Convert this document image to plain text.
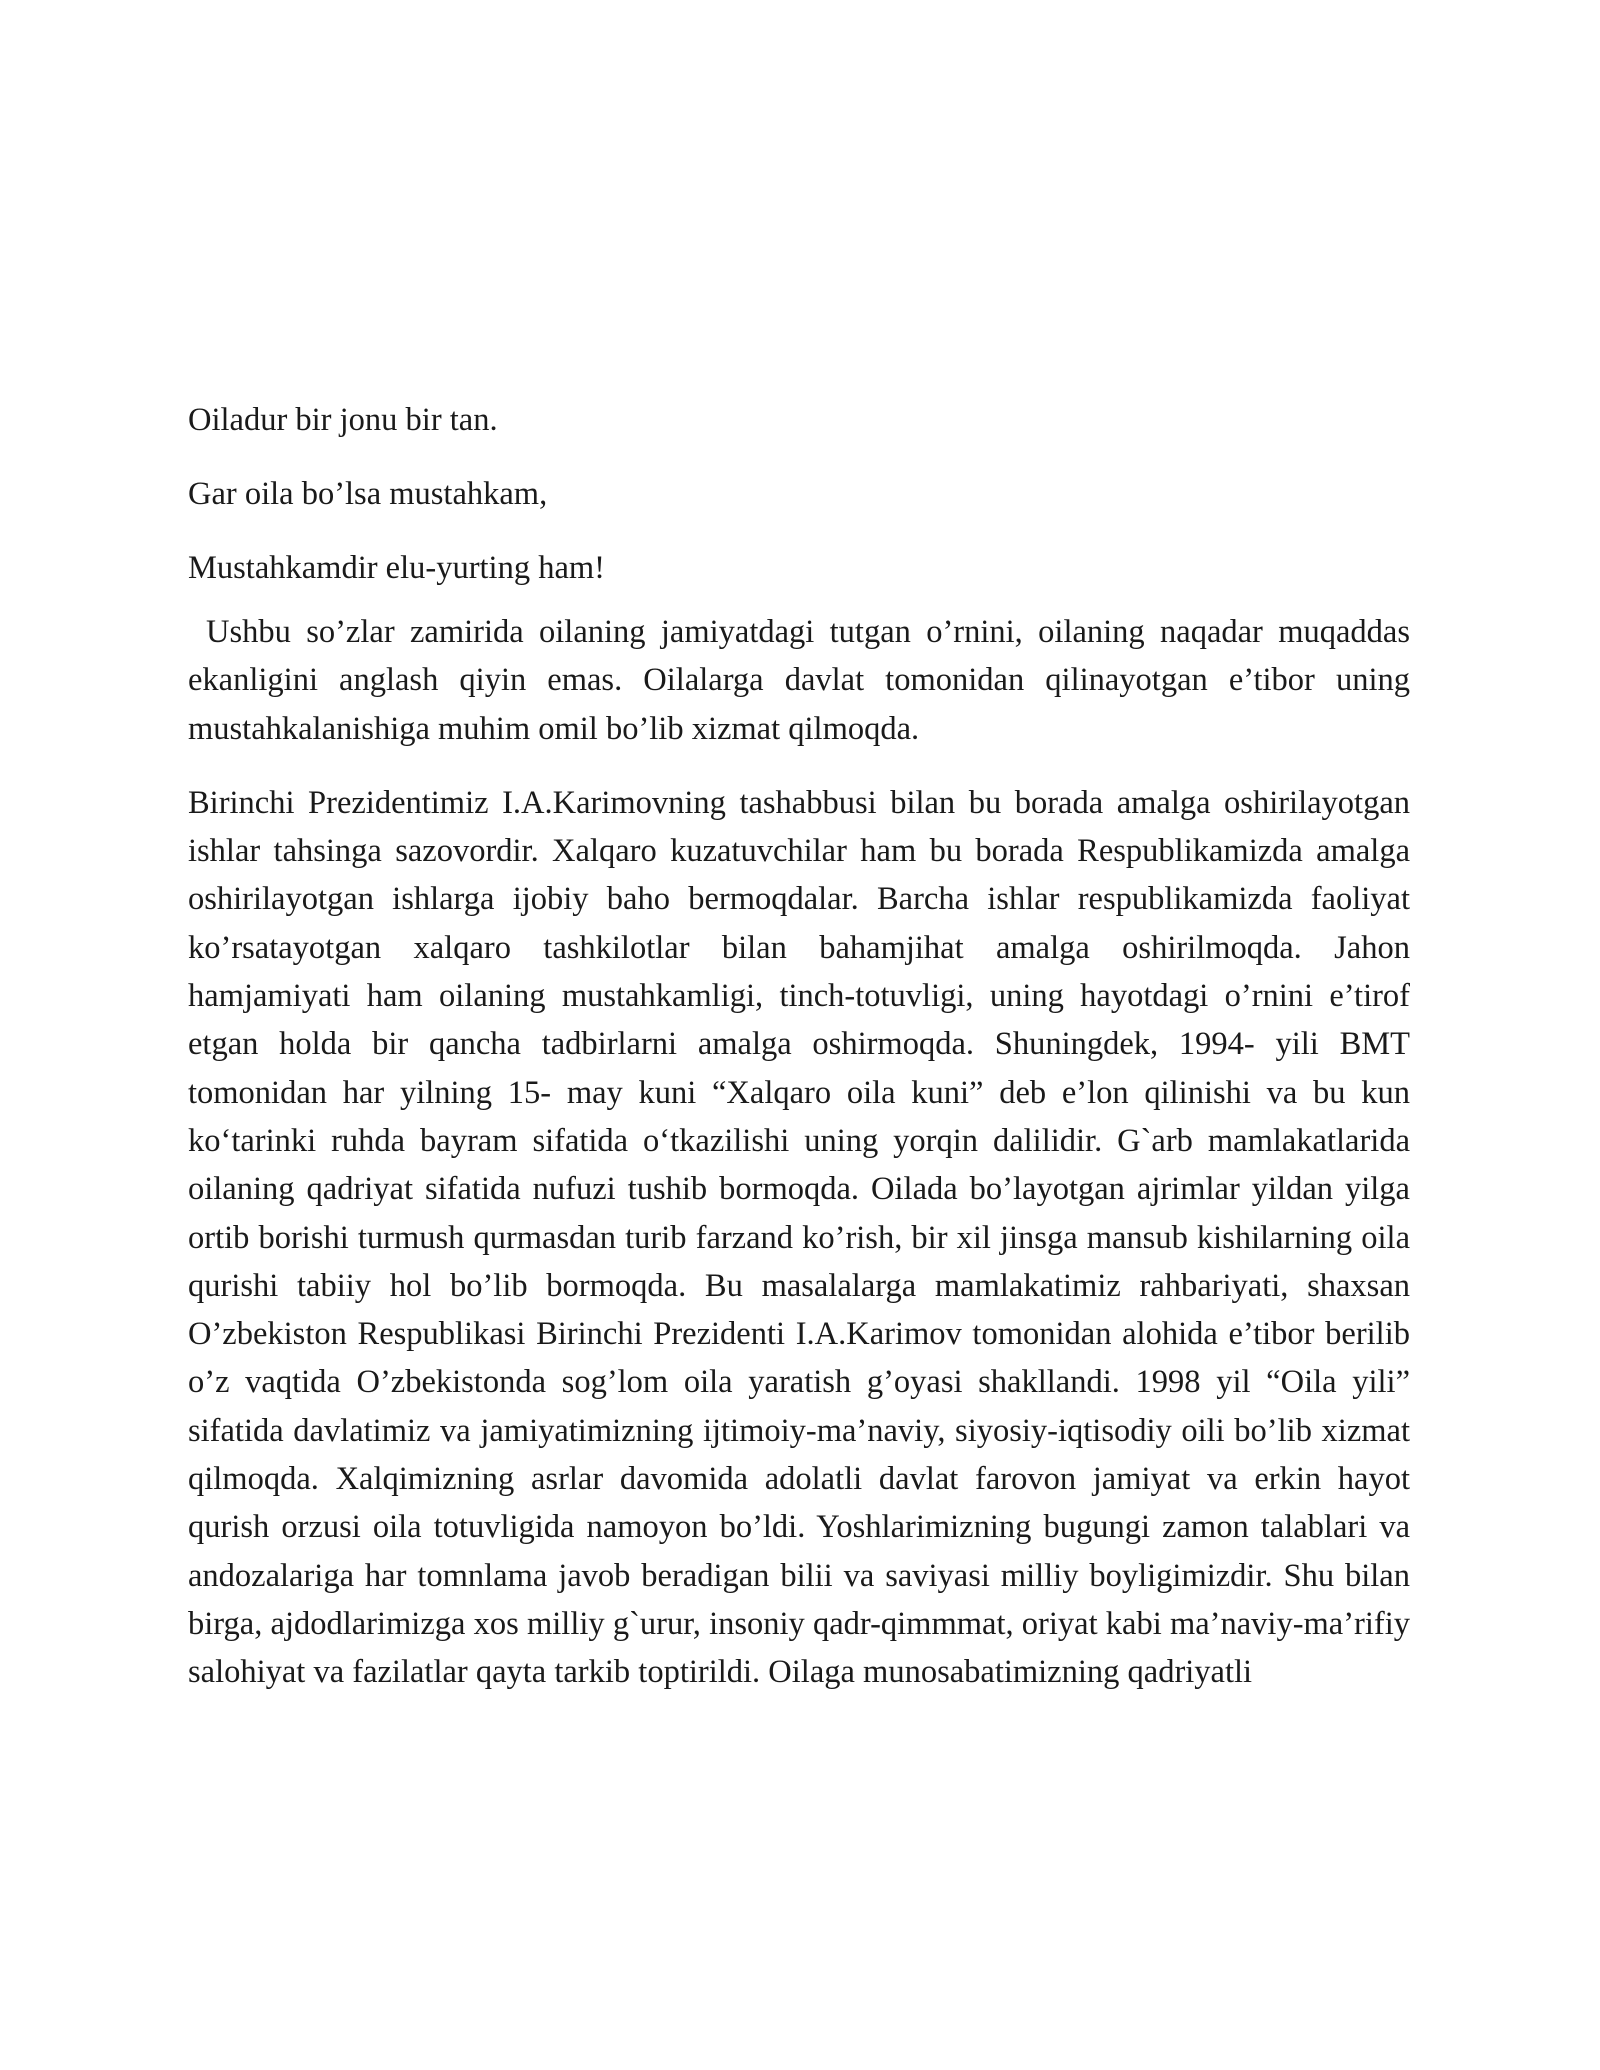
Oiladur bir jonu bir tan.

Gar oila bo’lsa mustahkam,

Mustahkamdir elu-yurting ham!

Ushbu so’zlar zamirida oilaning jamiyatdagi tutgan o’rnini, oilaning naqadar muqaddas ekanligini anglash qiyin emas. Oilalarga davlat tomonidan qilinayotgan e’tibor uning mustahkalanishiga muhim omil bo’lib xizmat qilmoqda.

Birinchi Prezidentimiz I.A.Karimovning tashabbusi bilan bu borada amalga oshirilayotgan ishlar tahsinga sazovordir. Xalqaro kuzatuvchilar ham bu borada Respublikamizda amalga oshirilayotgan ishlarga ijobiy baho bermoqdalar. Barcha ishlar respublikamizda faoliyat ko’rsatayotgan xalqaro tashkilotlar bilan bahamjihat amalga oshirilmoqda. Jahon hamjamiyati ham oilaning mustahkamligi, tinch-totuvligi, uning hayotdagi o’rnini e’tirof etgan holda bir qancha tadbirlarni amalga oshirmoqda. Shuningdek, 1994- yili BMT tomonidan har yilning 15- may kuni “Xalqaro oila kuni” deb e’lon qilinishi va bu kun ko‘tarinki ruhda bayram sifatida o‘tkazilishi uning yorqin dalilidir. G`arb mamlakatlarida oilaning qadriyat sifatida nufuzi tushib bormoqda. Oilada bo’layotgan ajrimlar yildan yilga ortib borishi turmush qurmasdan turib farzand ko’rish, bir xil jinsga mansub kishilarning oila qurishi tabiiy hol bo’lib bormoqda. Bu masalalarga mamlakatimiz rahbariyati, shaxsan O’zbekiston Respublikasi Birinchi Prezidenti I.A.Karimov tomonidan alohida e’tibor berilib o’z vaqtida O’zbekistonda sog’lom oila yaratish g’oyasi shakllandi. 1998 yil “Oila yili” sifatida davlatimiz va jamiyatimizning ijtimoiy-ma’naviy, siyosiy-iqtisodiy oili bo’lib xizmat qilmoqda. Xalqimizning asrlar davomida adolatli davlat farovon jamiyat va erkin hayot qurish orzusi oila totuvligida namoyon bo’ldi. Yoshlarimizning bugungi zamon talablari va andozalariga har tomnlama javob beradigan bilii va saviyasi milliy boyligimizdir. Shu bilan birga, ajdodlarimizga xos milliy g`urur, insoniy qadr-qimmmat, oriyat kabi ma’naviy-ma’rifiy salohiyat va fazilatlar qayta tarkib toptirildi. Oilaga munosabatimizning qadriyatli
